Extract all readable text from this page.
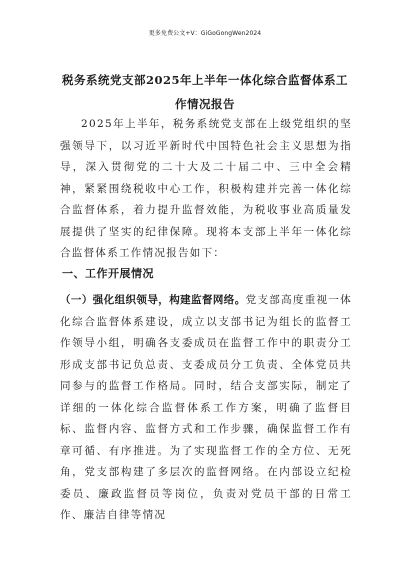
更多免费公文+V：GiGoGongWen2024
税务系统党支部2025年上半年一体化综合监督体系工作情况报告

2025年上半年，税务系统党支部在上级党组织的坚强领导下，以习近平新时代中国特色社会主义思想为指导，深入贯彻党的二十大及二十届二中、三中全会精神，紧紧围绕税收中心工作，积极构建并完善一体化综合监督体系，着力提升监督效能，为税收事业高质量发展提供了坚实的纪律保障。现将本支部上半年一体化综合监督体系工作情况报告如下：

一、工作开展情况

（一）强化组织领导，构建监督网络。党支部高度重视一体化综合监督体系建设，成立以支部书记为组长的监督工作领导小组，明确各支委成员在监督工作中的职责分工形成支部书记负总责、支委成员分工负责、全体党员共同参与的监督工作格局。同时，结合支部实际，制定了详细的一体化综合监督体系工作方案，明确了监督目标、监督内容、监督方式和工作步骤，确保监督工作有章可循、有序推进。为了实现监督工作的全方位、无死角，党支部构建了多层次的监督网络。在内部设立纪检委员、廉政监督员等岗位，负责对党员干部的日常工作、廉洁自律等情况
